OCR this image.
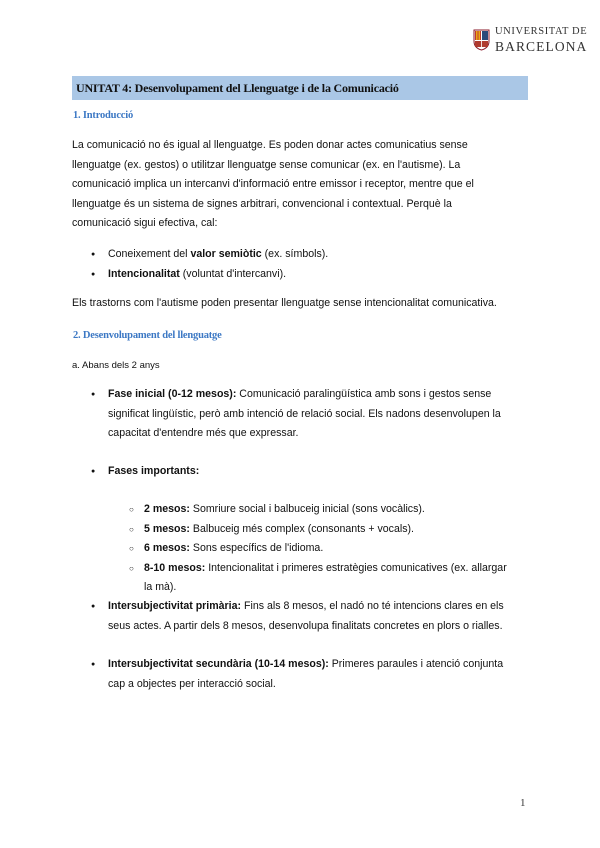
UNIVERSITAT DE
BARCELONA
UNITAT 4: Desenvolupament del Llenguatge i de la Comunicació
1. Introducció
La comunicació no és igual al llenguatge. Es poden donar actes comunicatius sense
llenguatge (ex. gestos) o utilitzar llenguatge sense comunicar (ex. en l'autisme). La
comunicació implica un intercanvi d'informació entre emissor i receptor, mentre que el
llenguatge és un sistema de signes arbitrari, convencional i contextual. Perquè la
comunicació sigui efectiva, cal:
● Coneixement del valor semiòtic (ex. símbols).
● Intencionalitat (voluntat d'intercanvi).
Els trastorns com l'autisme poden presentar llenguatge sense intencionalitat comunicativa.
2. Desenvolupament del llenguatge
a. Abans dels 2 anys
● Fase inicial (0-12 mesos): Comunicació paralingüística amb sons i gestos sense
significat lingüístic, però amb intenció de relació social. Els nadons desenvolupen la
capacitat d'entendre més que expressar.
● Fases importants:
○ 2 mesos: Somriure social i balbuceig inicial (sons vocàlics).
○ 5 mesos: Balbuceig més complex (consonants + vocals).
○ 6 mesos: Sons específics de l'idioma.
○ 8-10 mesos: Intencionalitat i primeres estratègies comunicatives (ex. allargar
la mà).
● Intersubjectivitat primària: Fins als 8 mesos, el nadó no té intencions clares en els
seus actes. A partir dels 8 mesos, desenvolupa finalitats concretes en plors o rialles.
● Intersubjectivitat secundària (10-14 mesos): Primeres paraules i atenció conjunta
cap a objectes per interacció social.
1
